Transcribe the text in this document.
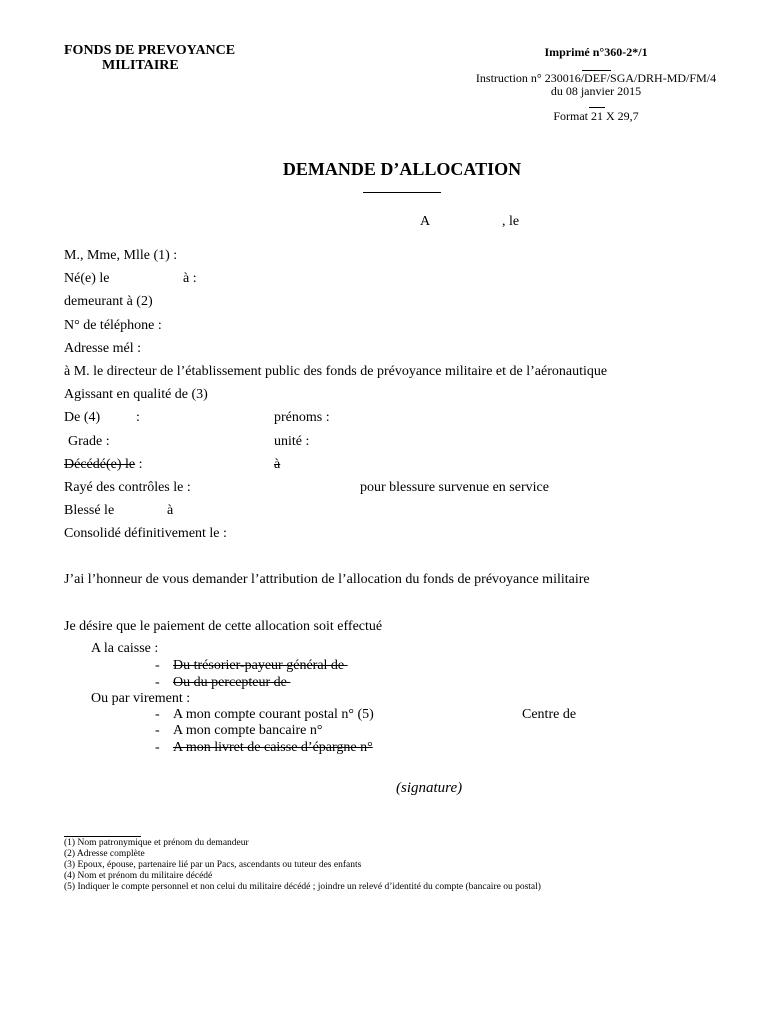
FONDS DE PREVOYANCE
MILITAIRE
Imprimé n°360-2*/1
Instruction n° 230016/DEF/SGA/DRH-MD/FM/4
du 08 janvier 2015
Format 21 X 29,7
DEMANDE D’ALLOCATION
A	, le
M., Mme, Mlle (1) :
Né(e) le	à :
demeurant à (2)
N° de téléphone :
Adresse mél :
à M. le directeur de l’établissement public des fonds de prévoyance militaire et de l’aéronautique
Agissant en qualité de (3)
De (4)	:	prénoms :
Grade :	unité :
Décédé(e) le :	à
Rayé des contrôles le :	pour blessure survenue en service
Blessé le	à
Consolidé définitivement le :
J’ai l’honneur de vous demander l’attribution de l’allocation du fonds de prévoyance militaire
Je désire que le paiement de cette allocation soit effectué
A la caisse :
- Du trésorier-payeur général de
- Ou du percepteur de
Ou par virement :
- A mon compte courant postal n° (5)	Centre de
- A mon compte bancaire n°
- A mon livret de caisse d’épargne n°
(signature)
(1) Nom patronymique et prénom du demandeur
(2) Adresse complète
(3) Epoux, épouse, partenaire lié par un Pacs, ascendants ou tuteur des enfants
(4) Nom et prénom du militaire décédé
(5) Indiquer le compte personnel et non celui du militaire décédé ; joindre un relevé d’identité du compte (bancaire ou postal)
